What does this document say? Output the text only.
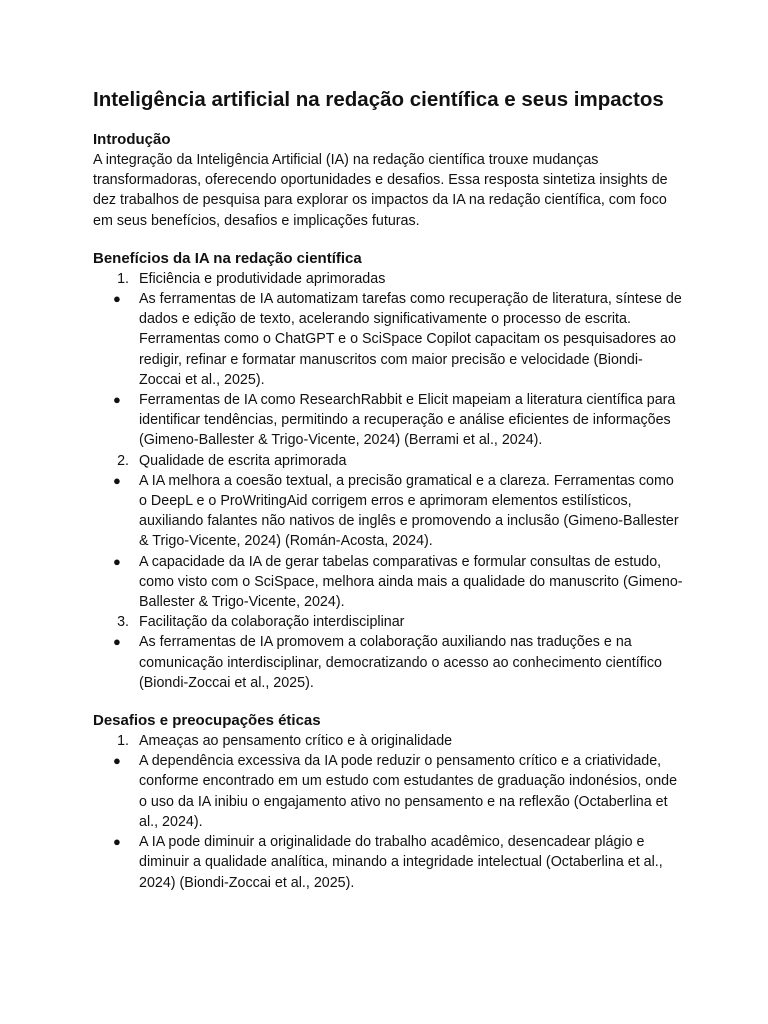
Inteligência artificial na redação científica e seus impactos
Introdução

A integração da Inteligência Artificial (IA) na redação científica trouxe mudanças transformadoras, oferecendo oportunidades e desafios. Essa resposta sintetiza insights de dez trabalhos de pesquisa para explorar os impactos da IA na redação científica, com foco em seus benefícios, desafios e implicações futuras.

Benefícios da IA na redação científica
1. Eficiência e produtividade aprimoradas
● As ferramentas de IA automatizam tarefas como recuperação de literatura, síntese de dados e edição de texto, acelerando significativamente o processo de escrita. Ferramentas como o ChatGPT e o SciSpace Copilot capacitam os pesquisadores ao redigir, refinar e formatar manuscritos com maior precisão e velocidade (Biondi-Zoccai et al., 2025).
● Ferramentas de IA como ResearchRabbit e Elicit mapeiam a literatura científica para identificar tendências, permitindo a recuperação e análise eficientes de informações (Gimeno-Ballester & Trigo-Vicente, 2024) (Berrami et al., 2024).
2. Qualidade de escrita aprimorada
● A IA melhora a coesão textual, a precisão gramatical e a clareza. Ferramentas como o DeepL e o ProWritingAid corrigem erros e aprimoram elementos estilísticos, auxiliando falantes não nativos de inglês e promovendo a inclusão (Gimeno-Ballester & Trigo-Vicente, 2024) (Román-Acosta, 2024).
● A capacidade da IA de gerar tabelas comparativas e formular consultas de estudo, como visto com o SciSpace, melhora ainda mais a qualidade do manuscrito (Gimeno-Ballester & Trigo-Vicente, 2024).
3. Facilitação da colaboração interdisciplinar
● As ferramentas de IA promovem a colaboração auxiliando nas traduções e na comunicação interdisciplinar, democratizando o acesso ao conhecimento científico (Biondi-Zoccai et al., 2025).
Desafios e preocupações éticas
1. Ameaças ao pensamento crítico e à originalidade
● A dependência excessiva da IA pode reduzir o pensamento crítico e a criatividade, conforme encontrado em um estudo com estudantes de graduação indonésios, onde o uso da IA inibiu o engajamento ativo no pensamento e na reflexão (Octaberlina et al., 2024).
● A IA pode diminuir a originalidade do trabalho acadêmico, desencadear plágio e diminuir a qualidade analítica, minando a integridade intelectual (Octaberlina et al., 2024) (Biondi-Zoccai et al., 2025).
